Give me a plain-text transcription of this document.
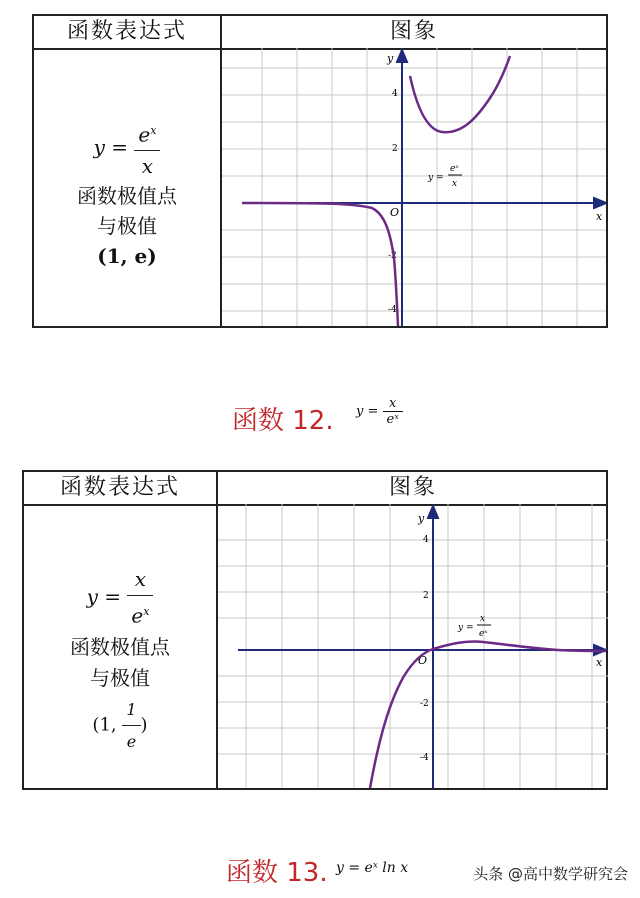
函数表达式	图象
$y = \frac{e^x}{x}$
函数极值点
与极值
(1, e)
x
y
O
4
2
-2
-4
y =
eˣ
x
函数 12. $y = \frac{x}{\text{eˣ}}$
函数表达式	图象
$y = \frac{x}{e^x}$
函数极值点
与极值
(1, $\frac{1}{e}$ )
x
y
O
4
2
-2
-4
y =
x
eˣ
函数 13. y = eˣ ln x	头条 @高中数学研究会
